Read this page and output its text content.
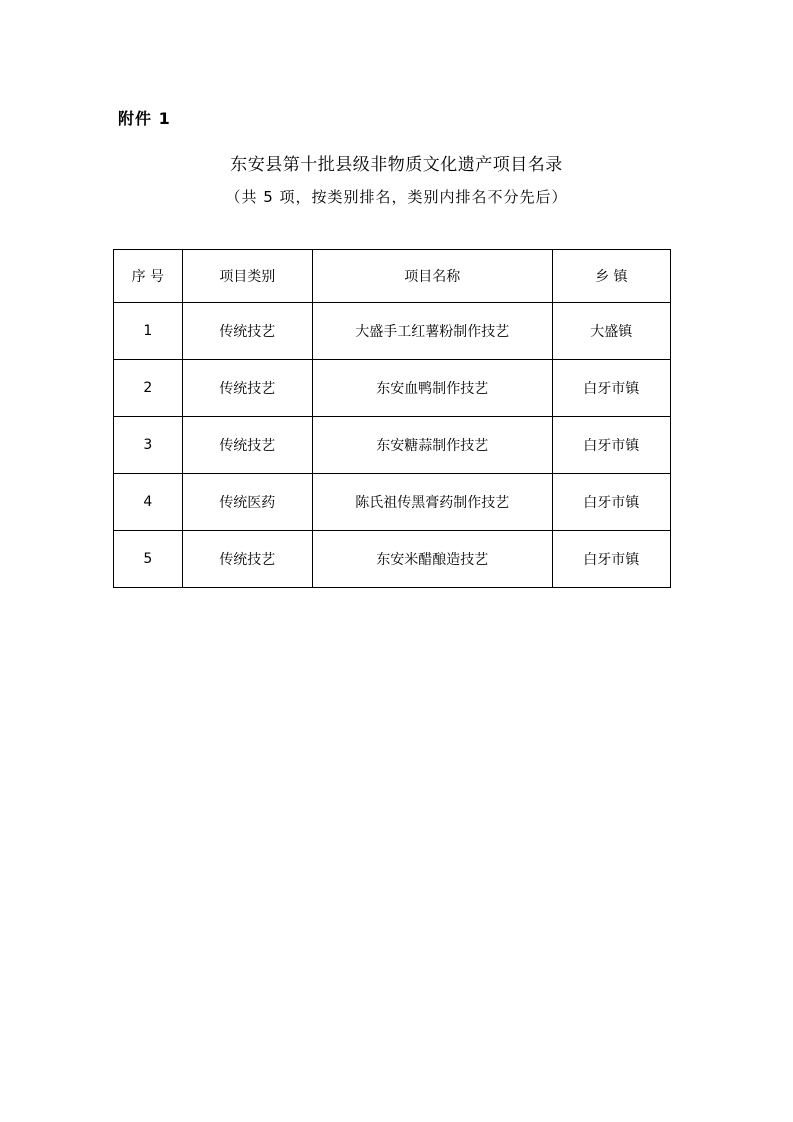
附件 1
东安县第十批县级非物质文化遗产项目名录
（共 5 项，按类别排名，类别内排名不分先后）
序 号	项目类别	项目名称	乡 镇
1	传统技艺	大盛手工红薯粉制作技艺	大盛镇
2	传统技艺	东安血鸭制作技艺	白牙市镇
3	传统技艺	东安糖蒜制作技艺	白牙市镇
4	传统医药	陈氏祖传黑膏药制作技艺	白牙市镇
5	传统技艺	东安米醋酿造技艺	白牙市镇
